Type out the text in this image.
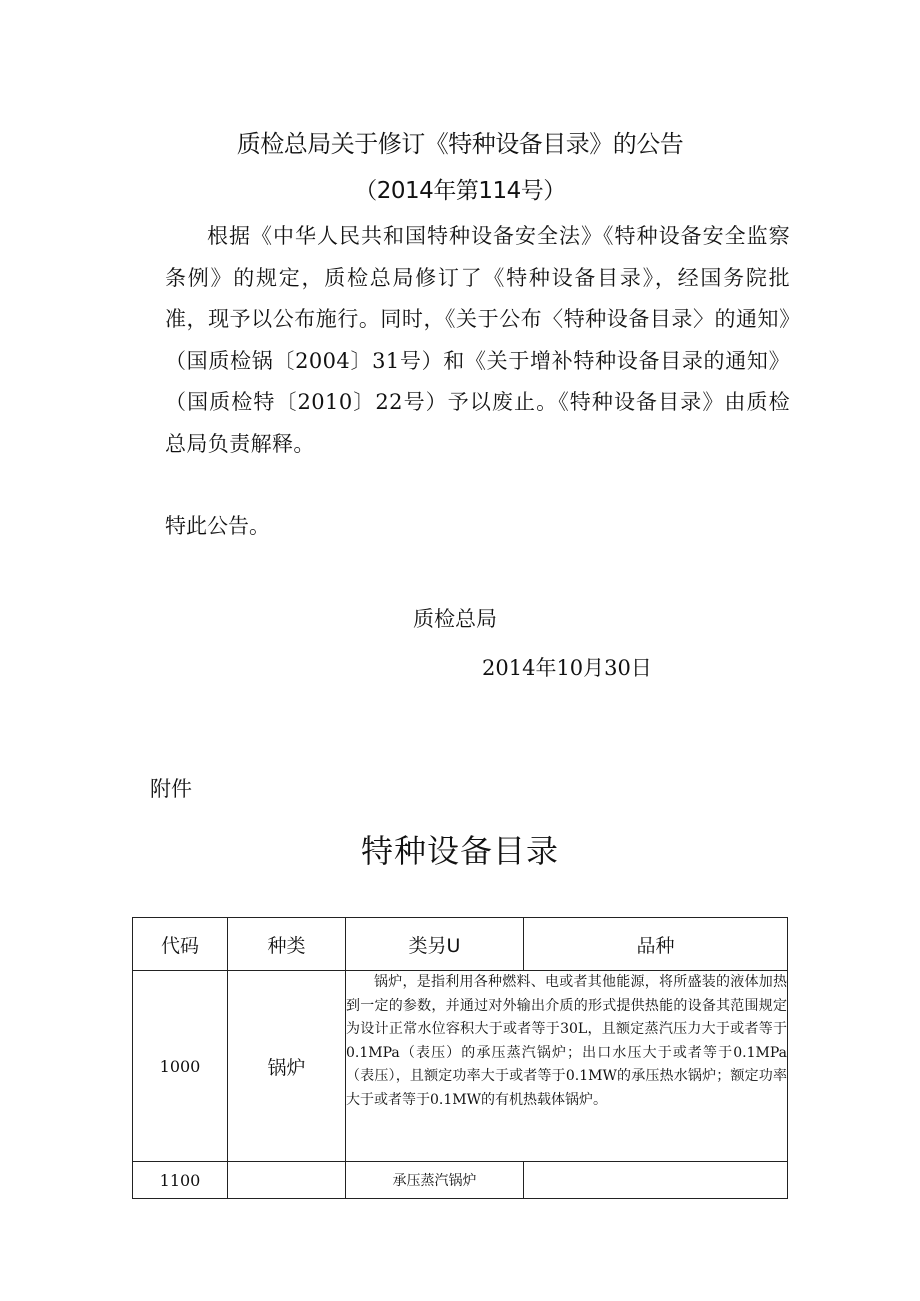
质检总局关于修订《特种设备目录》的公告
（2014年第114号）
根据《中华人民共和国特种设备安全法》《特种设备安全监察条例》的规定，质检总局修订了《特种设备目录》，经国务院批准，现予以公布施行。同时，《关于公布〈特种设备目录〉的通知》（国质检锅〔2004〕31号）和《关于增补特种设备目录的通知》（国质检特〔2010〕22号）予以废止。《特种设备目录》由质检总局负责解释。
特此公告。
质检总局
2014年10月30日
附件
特种设备目录
代码	种类	类另U	品种
1000	锅炉	锅炉，是指利用各种燃料、电或者其他能源，将所盛装的液体加热到一定的参数，并通过对外输出介质的形式提供热能的设备其范围规定为设计正常水位容积大于或者等于30L，且额定蒸汽压力大于或者等于0.1MPa（表压）的承压蒸汽锅炉；出口水压大于或者等于0.1MPa（表压），且额定功率大于或者等于0.1MW的承压热水锅炉；额定功率大于或者等于0.1MW的有机热载体锅炉。	
1100		承压蒸汽锅炉	
